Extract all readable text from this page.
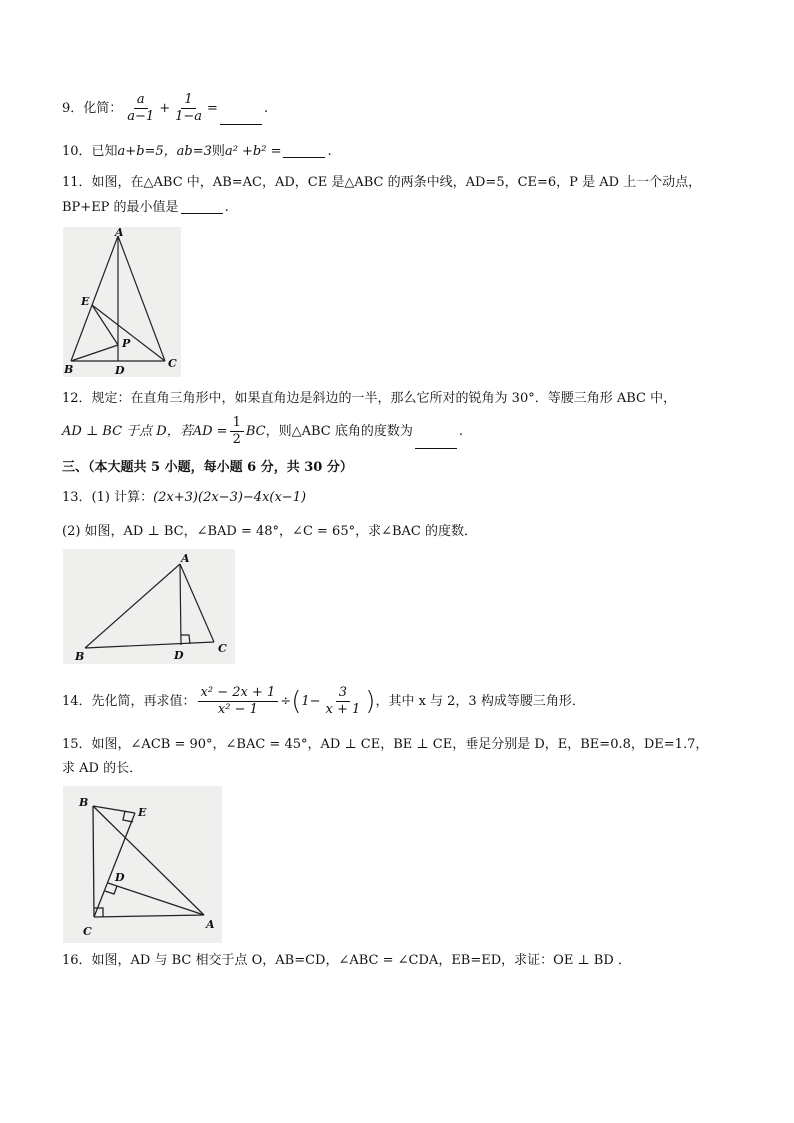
9．化简： $\frac{a}{a-1} + \frac{1}{1-a}$ =	.
10．已知a+b=5，ab=3则a² +b² =	.
11．如图，在△ABC 中，AB=AC，AD，CE 是△ABC 的两条中线，AD=5，CE=6，P 是 AD 上一个动点，
BP+EP 的最小值是	.
A
E
P
B	D
C
12．规定：在直角三角形中，如果直角边是斜边的一半，那么它所对的锐角为 30°．等腰三角形 ABC 中，
AD ⊥ BC 于点 D，若AD = $\frac{1}{2}$ BC，则△ABC 底角的度数为	.
三、（本大题共 5 小题，每小题 6 分，共 30 分）
13．(1) 计算：(2x+3)(2x−3)−4x(x−1)
(2) 如图，AD ⊥ BC，∠BAD = 48°，∠C = 65°，求∠BAC 的度数．
A
B	D
C
14．先化简，再求值： $\frac{\text{x² − 2x + 1}}{\text{x² − 1}} \div(1- \frac{3}{x + 1}$ )，其中 x 与 2，3 构成等腰三角形．
15．如图，∠ACB = 90°，∠BAC = 45°，AD ⊥ CE，BE ⊥ CE，垂足分别是 D，E，BE=0.8，DE=1.7，
求 AD 的长．
B
E
D
C
A
16．如图，AD 与 BC 相交于点 O，AB=CD，∠ABC = ∠CDA，EB=ED，求证：OE ⊥ BD ．
